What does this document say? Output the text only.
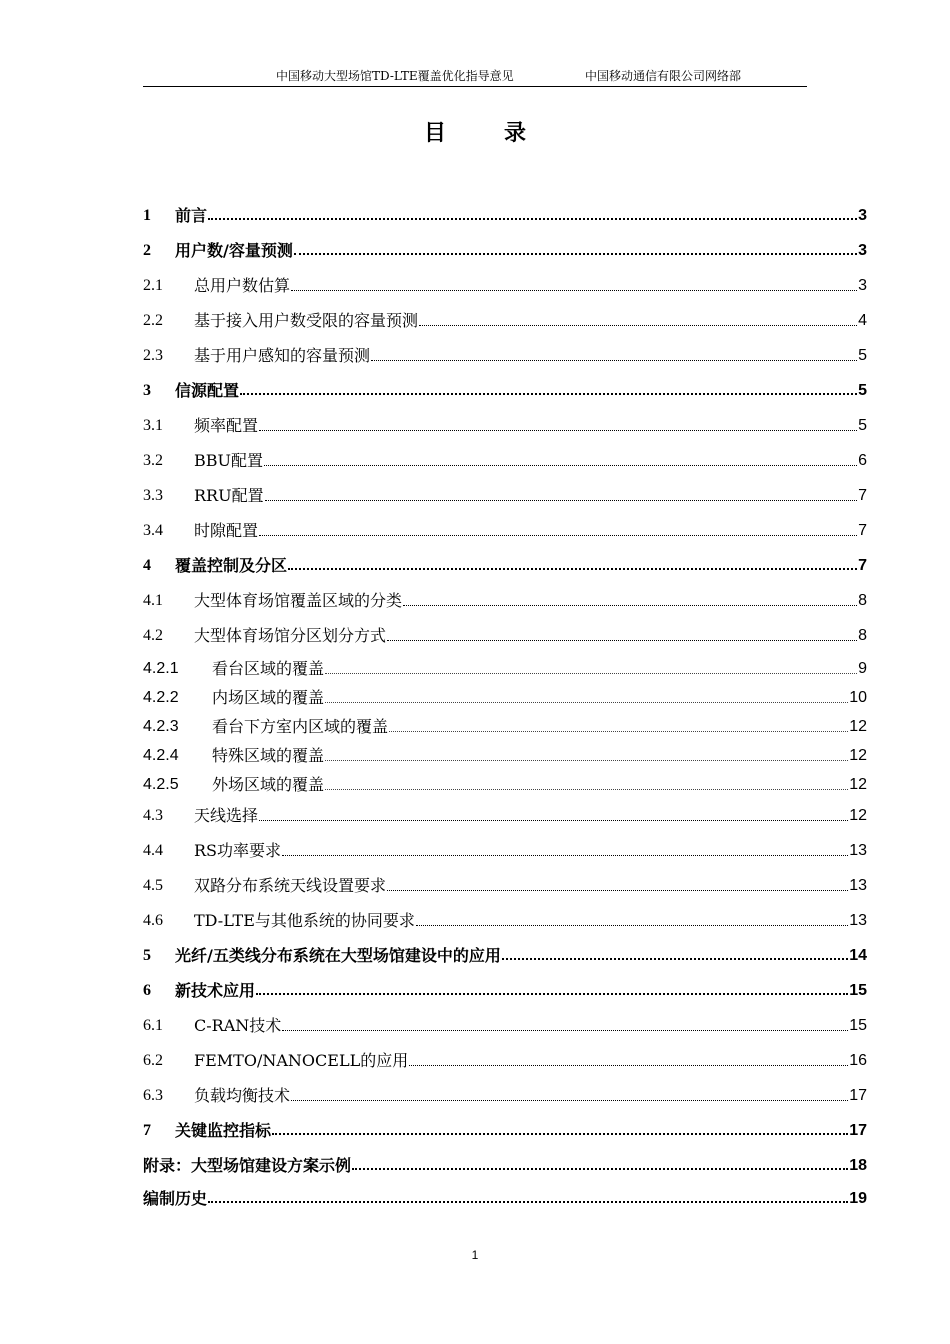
中国移动大型场馆TD-LTE覆盖优化指导意见	中国移动通信有限公司网络部
目	录
1	前言	3
2	用户数/容量预测	3
2.1	总用户数估算	3
2.2	基于接入用户数受限的容量预测	4
2.3	基于用户感知的容量预测	5
3	信源配置	5
3.1	频率配置	5
3.2	BBU配置	6
3.3	RRU配置	7
3.4	时隙配置	7
4	覆盖控制及分区	7
4.1	大型体育场馆覆盖区域的分类	8
4.2	大型体育场馆分区划分方式	8
4.2.1	看台区域的覆盖	9
4.2.2	内场区域的覆盖	10
4.2.3	看台下方室内区域的覆盖	12
4.2.4	特殊区域的覆盖	12
4.2.5	外场区域的覆盖	12
4.3	天线选择	12
4.4	RS功率要求	13
4.5	双路分布系统天线设置要求	13
4.6	TD-LTE与其他系统的协同要求	13
5	光纤/五类线分布系统在大型场馆建设中的应用	14
6	新技术应用	15
6.1	C-RAN技术	15
6.2	FEMTO/NANOCELL的应用	16
6.3	负载均衡技术	17
7	关键监控指标	17
附录：大型场馆建设方案示例	18
编制历史	19
1
